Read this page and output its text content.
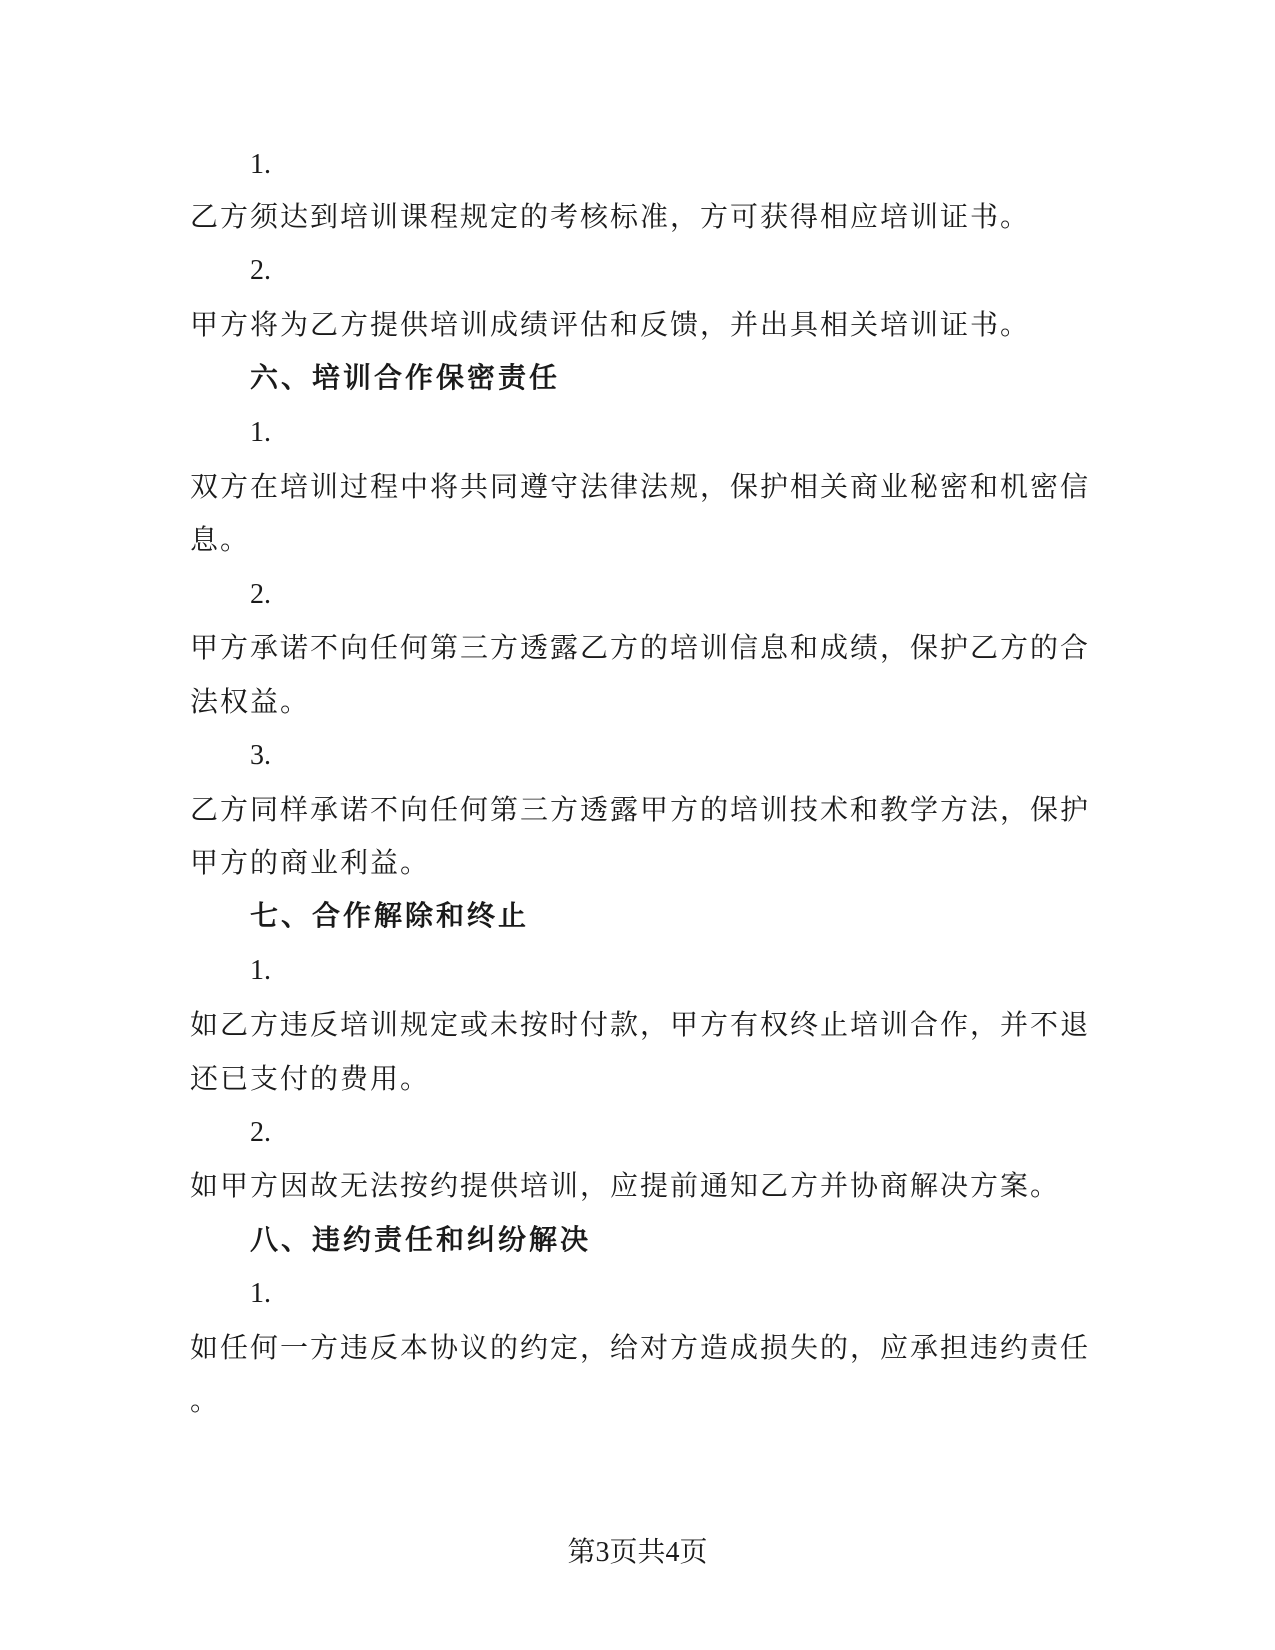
1.
乙方须达到培训课程规定的考核标准，方可获得相应培训证书。
2.
甲方将为乙方提供培训成绩评估和反馈，并出具相关培训证书。
六、培训合作保密责任
1.
双方在培训过程中将共同遵守法律法规，保护相关商业秘密和机密信
息。
2.
甲方承诺不向任何第三方透露乙方的培训信息和成绩，保护乙方的合
法权益。
3.
乙方同样承诺不向任何第三方透露甲方的培训技术和教学方法，保护
甲方的商业利益。
七、合作解除和终止
1.
如乙方违反培训规定或未按时付款，甲方有权终止培训合作，并不退
还已支付的费用。
2.
如甲方因故无法按约提供培训，应提前通知乙方并协商解决方案。
八、违约责任和纠纷解决
1.
如任何一方违反本协议的约定，给对方造成损失的，应承担违约责任
。
第3页共4页
